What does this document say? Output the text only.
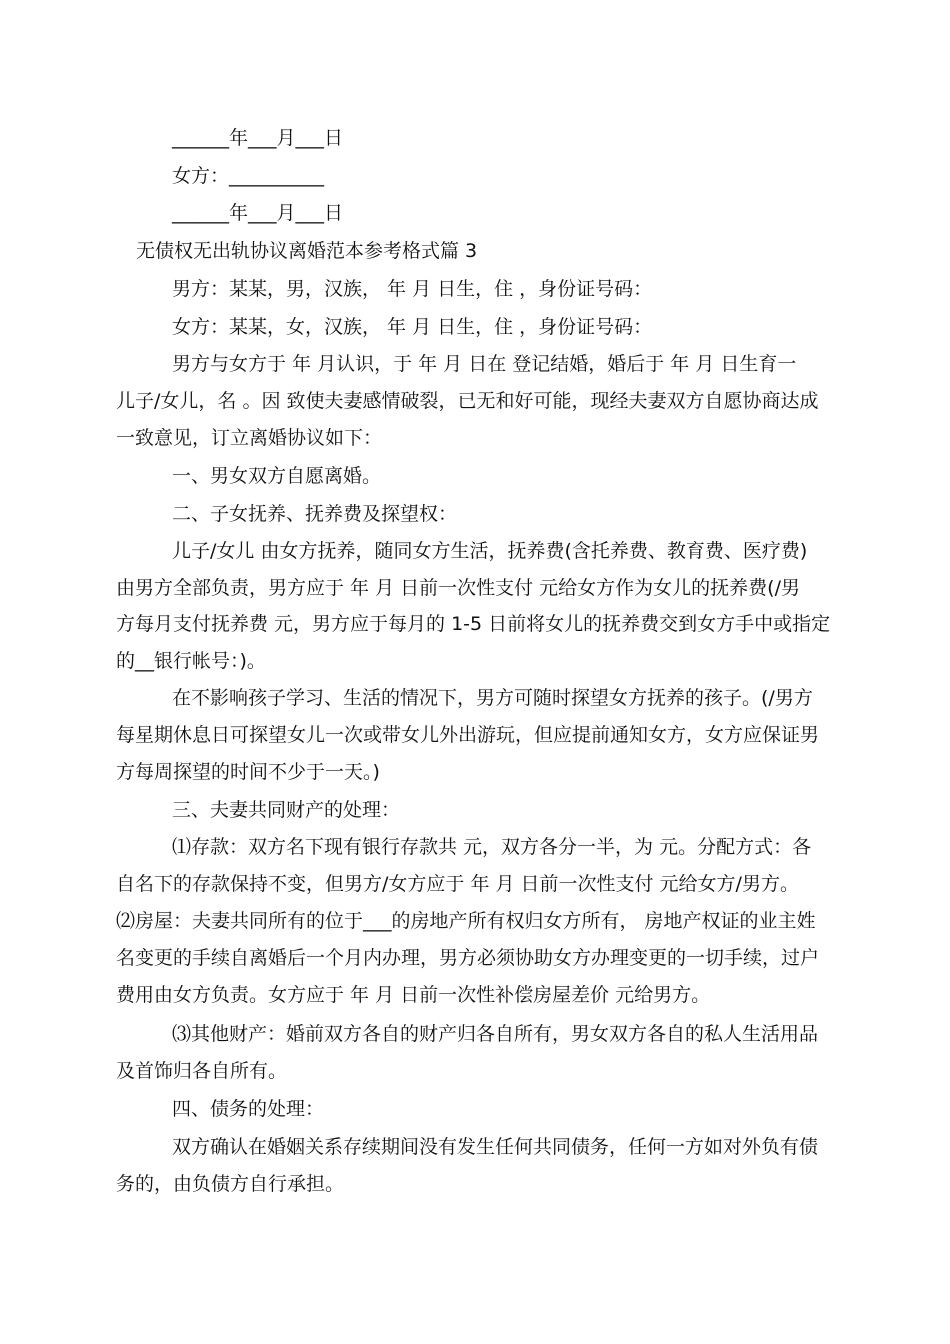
______年___月___日
女方：__________
______年___月___日
无债权无出轨协议离婚范本参考格式篇 3
男方：某某，男，汉族， 年 月 日生，住 ，身份证号码：
女方：某某，女，汉族， 年 月 日生，住 ，身份证号码：
男方与女方于 年 月认识，于 年 月 日在 登记结婚，婚后于 年 月 日生育一
儿子/女儿，名 。因 致使夫妻感情破裂，已无和好可能，现经夫妻双方自愿协商达成
一致意见，订立离婚协议如下：
一、男女双方自愿离婚。
二、子女抚养、抚养费及探望权：
儿子/女儿 由女方抚养，随同女方生活，抚养费(含托养费、教育费、医疗费)
由男方全部负责，男方应于 年 月 日前一次性支付 元给女方作为女儿的抚养费(/男
方每月支付抚养费 元，男方应于每月的 1-5 日前将女儿的抚养费交到女方手中或指定
的__银行帐号：)。
在不影响孩子学习、生活的情况下，男方可随时探望女方抚养的孩子。(/男方
每星期休息日可探望女儿一次或带女儿外出游玩，但应提前通知女方，女方应保证男
方每周探望的时间不少于一天。)
三、夫妻共同财产的处理：
⑴存款：双方名下现有银行存款共 元，双方各分一半，为 元。分配方式：各
自名下的存款保持不变，但男方/女方应于 年 月 日前一次性支付 元给女方/男方。
⑵房屋：夫妻共同所有的位于___的房地产所有权归女方所有， 房地产权证的业主姓
名变更的手续自离婚后一个月内办理，男方必须协助女方办理变更的一切手续，过户
费用由女方负责。女方应于 年 月 日前一次性补偿房屋差价 元给男方。
⑶其他财产：婚前双方各自的财产归各自所有，男女双方各自的私人生活用品
及首饰归各自所有。
四、债务的处理：
双方确认在婚姻关系存续期间没有发生任何共同债务，任何一方如对外负有债
务的，由负债方自行承担。
